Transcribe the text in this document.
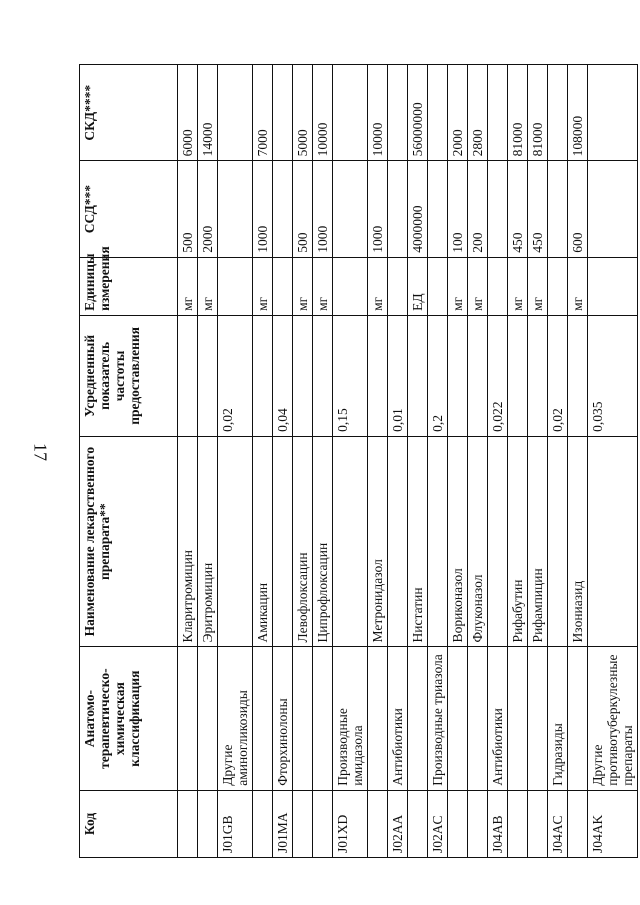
17
Код	Анатомо-терапевтическо-химическая классификация	Наименование лекарственного препарата**	Усредненный показатель частоты предоставления	Единицы измерения	ССД***	СКД****
		Кларитромицин		мг	500	6000
		Эритромицин		мг	2000	14000
J01GB	Другие аминогликозиды		0,02			
		Амикацин		мг	1000	7000
J01MA	Фторхинолоны		0,04			
		Левофлоксацин		мг	500	5000
		Ципрофлоксацин		мг	1000	10000
J01XD	Производные имидазола		0,15			
		Метронидазол		мг	1000	10000
J02AA	Антибиотики		0,01			
		Нистатин		ЕД	4000000	56000000
J02AC	Производные триазола		0,2			
		Вориконазол		мг	100	2000
		Флуконазол		мг	200	2800
J04AB	Антибиотики		0,022			
		Рифабутин		мг	450	81000
		Рифампицин		мг	450	81000
J04AC	Гидразиды		0,02			
		Изониазид		мг	600	108000
J04AK	Другие противотуберкулезные препараты		0,035			
